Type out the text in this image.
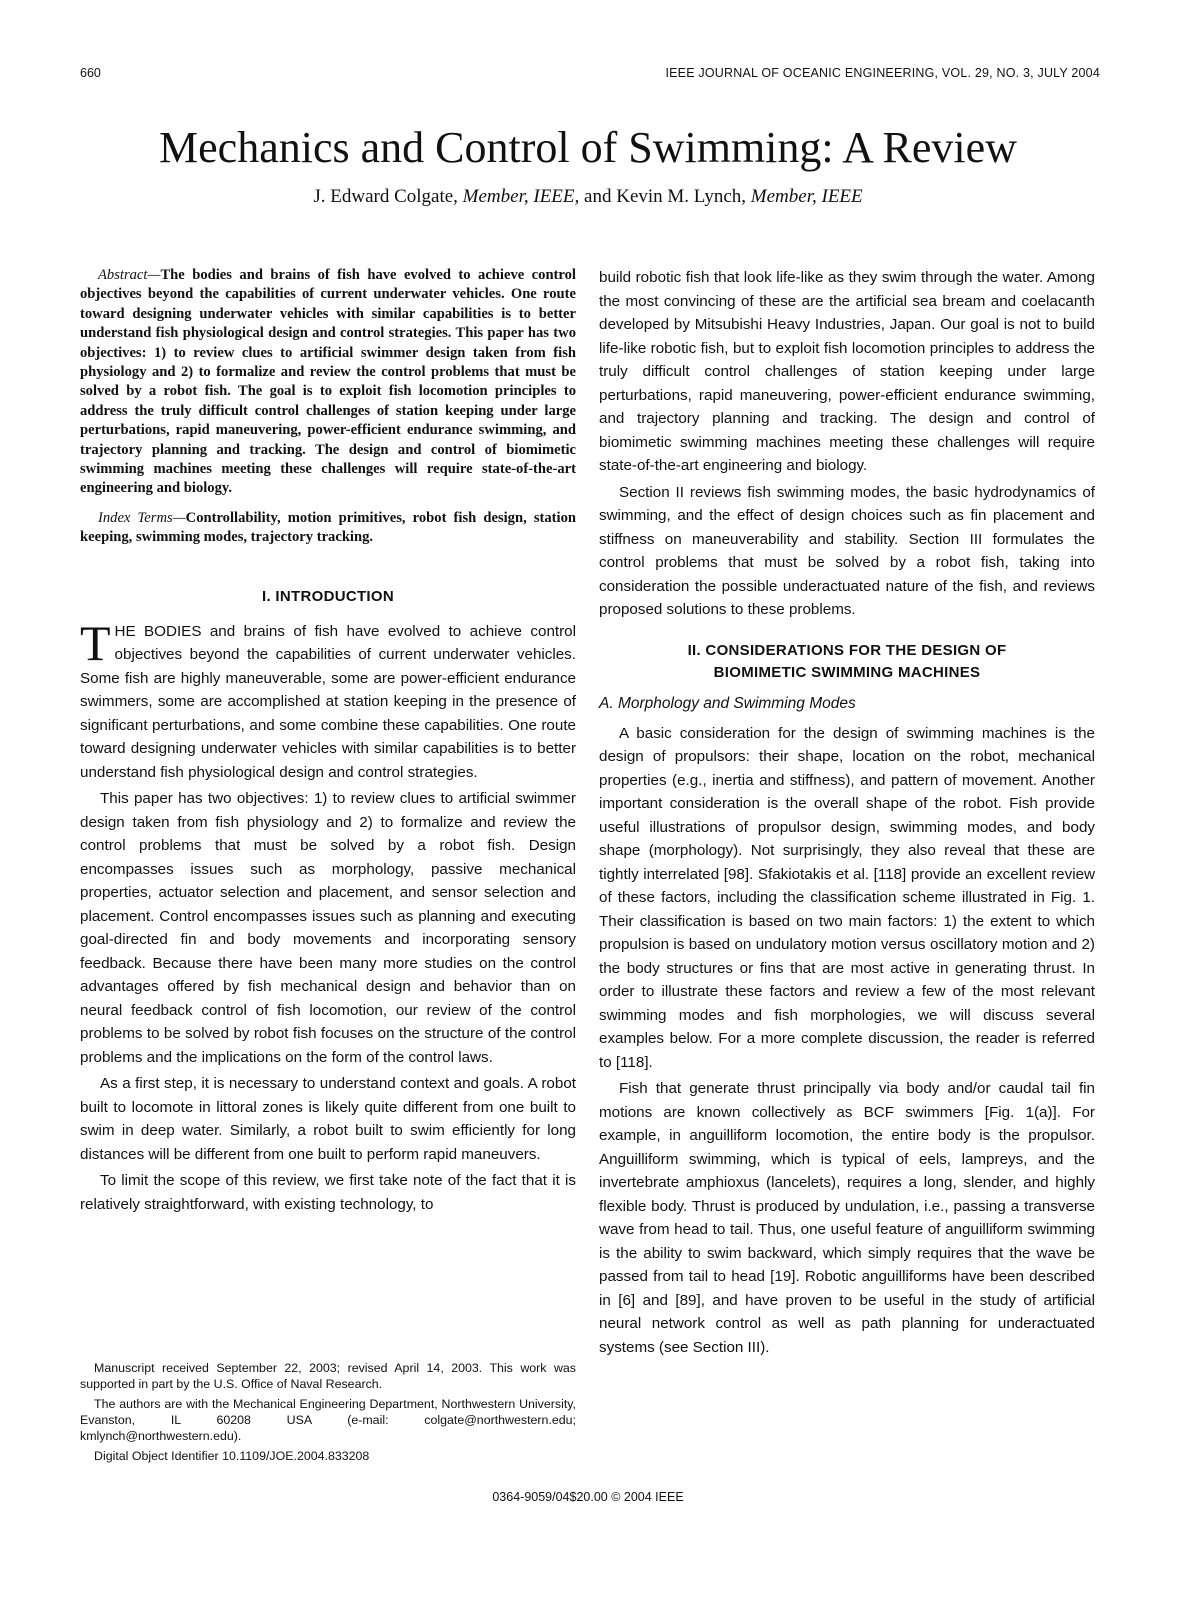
660	IEEE JOURNAL OF OCEANIC ENGINEERING, VOL. 29, NO. 3, JULY 2004
Mechanics and Control of Swimming: A Review
J. Edward Colgate, Member, IEEE, and Kevin M. Lynch, Member, IEEE

Abstract—The bodies and brains of fish have evolved to achieve control objectives beyond the capabilities of current underwater vehicles. One route toward designing underwater vehicles with similar capabilities is to better understand fish physiological design and control strategies. This paper has two objectives: 1) to review clues to artificial swimmer design taken from fish physiology and 2) to formalize and review the control problems that must be solved by a robot fish. The goal is to exploit fish locomotion principles to address the truly difficult control challenges of station keeping under large perturbations, rapid maneuvering, power-efficient endurance swimming, and trajectory planning and tracking. The design and control of biomimetic swimming machines meeting these challenges will require state-of-the-art engineering and biology.

Index Terms—Controllability, motion primitives, robot fish design, station keeping, swimming modes, trajectory tracking.

I. INTRODUCTION

THE BODIES and brains of fish have evolved to achieve control objectives beyond the capabilities of current underwater vehicles. Some fish are highly maneuverable, some are power-efficient endurance swimmers, some are accomplished at station keeping in the presence of significant perturbations, and some combine these capabilities. One route toward designing underwater vehicles with similar capabilities is to better understand fish physiological design and control strategies.

This paper has two objectives: 1) to review clues to artificial swimmer design taken from fish physiology and 2) to formalize and review the control problems that must be solved by a robot fish. Design encompasses issues such as morphology, passive mechanical properties, actuator selection and placement, and sensor selection and placement. Control encompasses issues such as planning and executing goal-directed fin and body movements and incorporating sensory feedback. Because there have been many more studies on the control advantages offered by fish mechanical design and behavior than on neural feedback control of fish locomotion, our review of the control problems to be solved by robot fish focuses on the structure of the control problems and the implications on the form of the control laws.

As a first step, it is necessary to understand context and goals. A robot built to locomote in littoral zones is likely quite different from one built to swim in deep water. Similarly, a robot built to swim efficiently for long distances will be different from one built to perform rapid maneuvers.

To limit the scope of this review, we first take note of the fact that it is relatively straightforward, with existing technology, to

build robotic fish that look life-like as they swim through the water. Among the most convincing of these are the artificial sea bream and coelacanth developed by Mitsubishi Heavy Industries, Japan. Our goal is not to build life-like robotic fish, but to exploit fish locomotion principles to address the truly difficult control challenges of station keeping under large perturbations, rapid maneuvering, power-efficient endurance swimming, and trajectory planning and tracking. The design and control of biomimetic swimming machines meeting these challenges will require state-of-the-art engineering and biology.

Section II reviews fish swimming modes, the basic hydrodynamics of swimming, and the effect of design choices such as fin placement and stiffness on maneuverability and stability. Section III formulates the control problems that must be solved by a robot fish, taking into consideration the possible underactuated nature of the fish, and reviews proposed solutions to these problems.

II. CONSIDERATIONS FOR THE DESIGN OF
BIOMIMETIC SWIMMING MACHINES
A. Morphology and Swimming Modes

A basic consideration for the design of swimming machines is the design of propulsors: their shape, location on the robot, mechanical properties (e.g., inertia and stiffness), and pattern of movement. Another important consideration is the overall shape of the robot. Fish provide useful illustrations of propulsor design, swimming modes, and body shape (morphology). Not surprisingly, they also reveal that these are tightly interrelated [98]. Sfakiotakis et al. [118] provide an excellent review of these factors, including the classification scheme illustrated in Fig. 1. Their classification is based on two main factors: 1) the extent to which propulsion is based on undulatory motion versus oscillatory motion and 2) the body structures or fins that are most active in generating thrust. In order to illustrate these factors and review a few of the most relevant swimming modes and fish morphologies, we will discuss several examples below. For a more complete discussion, the reader is referred to [118].

Fish that generate thrust principally via body and/or caudal tail fin motions are known collectively as BCF swimmers [Fig. 1(a)]. For example, in anguilliform locomotion, the entire body is the propulsor. Anguilliform swimming, which is typical of eels, lampreys, and the invertebrate amphioxus (lancelets), requires a long, slender, and highly flexible body. Thrust is produced by undulation, i.e., passing a transverse wave from head to tail. Thus, one useful feature of anguilliform swimming is the ability to swim backward, which simply requires that the wave be passed from tail to head [19]. Robotic anguilliforms have been described in [6] and [89], and have proven to be useful in the study of artificial neural network control as well as path planning for underactuated systems (see Section III).

Manuscript received September 22, 2003; revised April 14, 2003. This work was supported in part by the U.S. Office of Naval Research.

The authors are with the Mechanical Engineering Department, Northwestern University, Evanston, IL 60208 USA (e-mail: colgate@northwestern.edu; kmlynch@northwestern.edu).

Digital Object Identifier 10.1109/JOE.2004.833208

0364-9059/04$20.00 © 2004 IEEE
